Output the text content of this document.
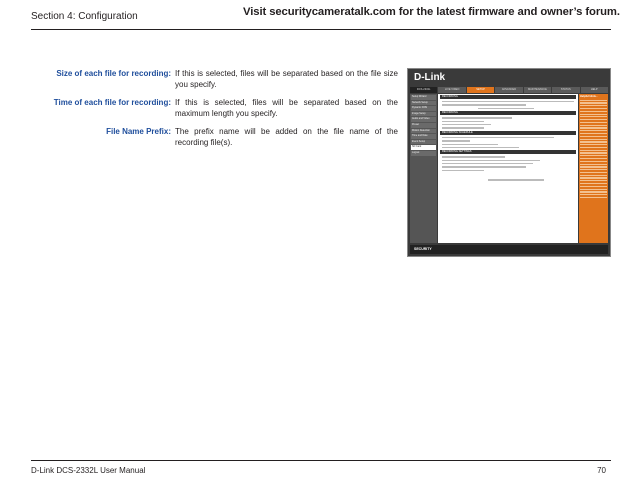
Section 4: Configuration	Visit securitycameratalk.com for the latest firmware and owner’s forum.
Size of each file for recording: If this is selected, files will be separated based on the file size you specify.
Time of each file for recording: If this is selected, files will be separated based on the maximum length you specify.
File Name Prefix: The prefix name will be added on the file name of the recording file(s).
D-Link
DCS-2332L	LIVE VIDEO	SETUP	ADVANCED	MAINTENANCE	STATUS	HELP
Setup Wizard
Network Setup
Dynamic DNS
Image Setup
Audio and Video
Preset
Motion Detection
Time and Date
Event Setup
SD Card
Logout
RECORDING
RECORDING
RECORDING SCHEDULE
RECORDING SETTINGS
Helpful Hints..
SECURITY
D-Link DCS-2332L User Manual	70
